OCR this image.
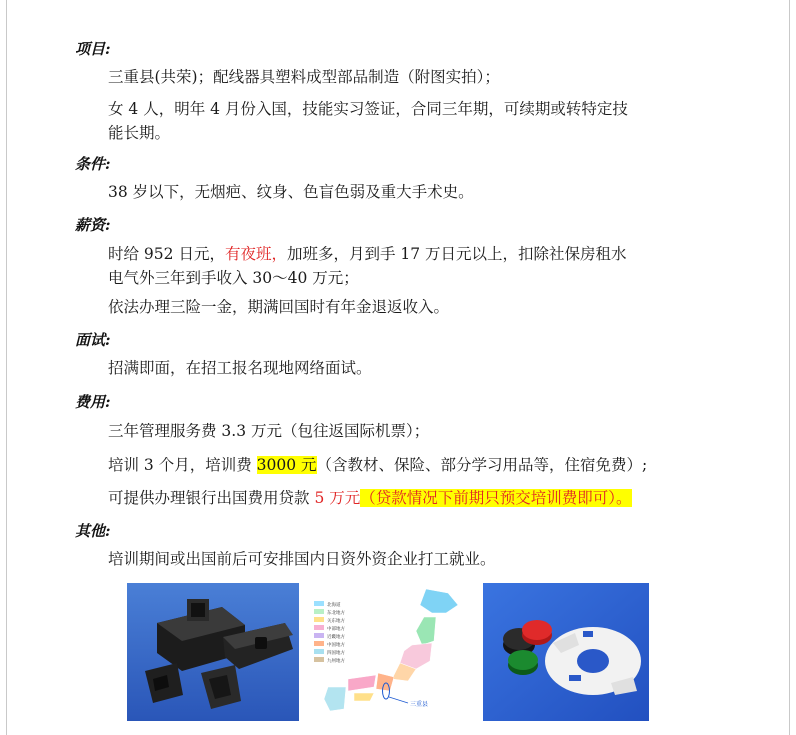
项目:
三重县(共荣)；配线器具塑料成型部品制造（附图实拍）；
女 4 人，明年 4 月份入国，技能实习签证，合同三年期，可续期或转特定技
能长期。
条件:
38 岁以下，无烟疤、纹身、色盲色弱及重大手术史。
薪资:
时给 952 日元，有夜班，加班多，月到手 17 万日元以上，扣除社保房租水
电气外三年到手收入 30～40 万元；
依法办理三险一金，期满回国时有年金退返收入。
面试:
招满即面，在招工报名现地网络面试。
费用:
三年管理服务费 3.3 万元（包往返国际机票）；
培训 3 个月，培训费 3000 元（含教材、保险、部分学习用品等，住宿免费）;
可提供办理银行出国费用贷款 5 万元（贷款情况下前期只预交培训费即可）。
其他:
培训期间或出国前后可安排国内日资外资企业打工就业。
北海道
东北地方
关东地方
中部地方
近畿地方
中国地方
四国地方
九州地方
三重县
